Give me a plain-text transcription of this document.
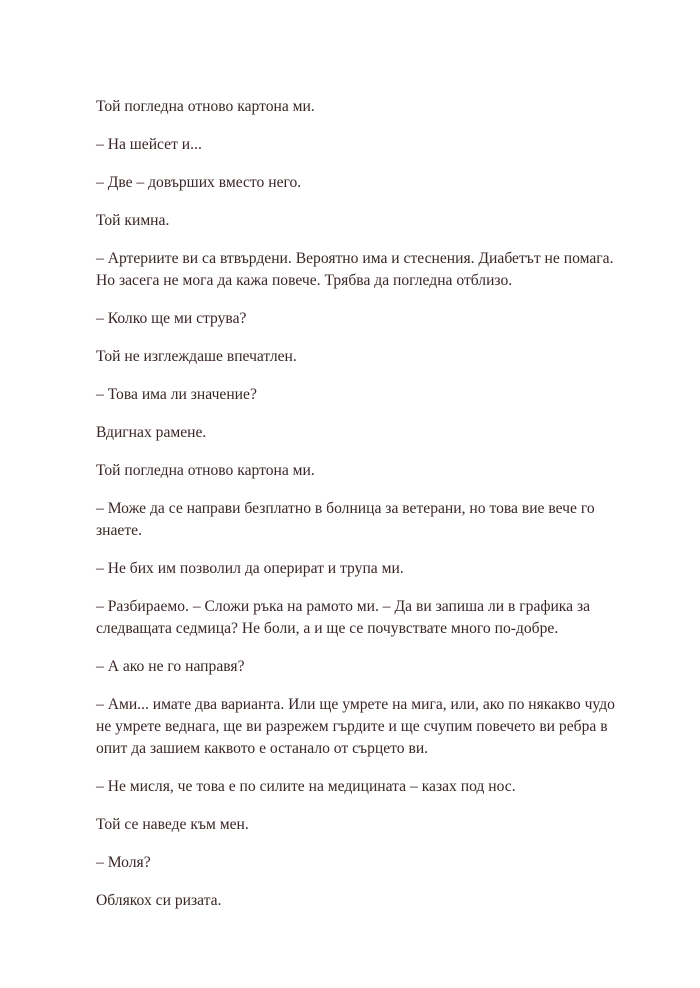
Той погледна отново картона ми.

– На шейсет и...

– Две – довърших вместо него.

Той кимна.

– Артериите ви са втвърдени. Вероятно има и стеснения. Диабетът не помага. Но засега не мога да кажа повече. Трябва да погледна отблизо.

– Колко ще ми струва?

Той не изглеждаше впечатлен.

– Това има ли значение?

Вдигнах рамене.

Той погледна отново картона ми.

– Може да се направи безплатно в болница за ветерани, но това вие вече го знаете.

– Не бих им позволил да оперират и трупа ми.

– Разбираемо. – Сложи ръка на рамото ми. – Да ви запиша ли в графика за следващата седмица? Не боли, а и ще се почувствате много по-добре.

– А ако не го направя?

– Ами... имате два варианта. Или ще умрете на мига, или, ако по някакво чудо не умрете веднага, ще ви разрежем гърдите и ще счупим повечето ви ребра в опит да зашием каквото е останало от сърцето ви.

– Не мисля, че това е по силите на медицината – казах под нос.

Той се наведе към мен.

– Моля?

Облякох си ризата.
